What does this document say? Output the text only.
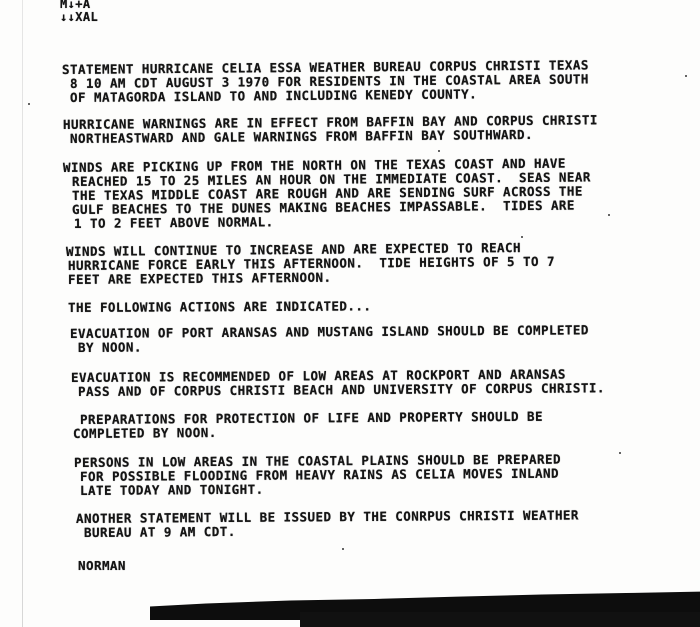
M↓+A
↓↓XAL
STATEMENT HURRICANE CELIA ESSA WEATHER BUREAU CORPUS CHRISTI TEXAS
8 10 AM CDT AUGUST 3 1970 FOR RESIDENTS IN THE COASTAL AREA SOUTH
OF MATAGORDA ISLAND TO AND INCLUDING KENEDY COUNTY.
HURRICANE WARNINGS ARE IN EFFECT FROM BAFFIN BAY AND CORPUS CHRISTI
NORTHEASTWARD AND GALE WARNINGS FROM BAFFIN BAY SOUTHWARD.
WINDS ARE PICKING UP FROM THE NORTH ON THE TEXAS COAST AND HAVE
REACHED 15 TO 25 MILES AN HOUR ON THE IMMEDIATE COAST.  SEAS NEAR
THE TEXAS MIDDLE COAST ARE ROUGH AND ARE SENDING SURF ACROSS THE
GULF BEACHES TO THE DUNES MAKING BEACHES IMPASSABLE.  TIDES ARE
1 TO 2 FEET ABOVE NORMAL.
WINDS WILL CONTINUE TO INCREASE AND ARE EXPECTED TO REACH
HURRICANE FORCE EARLY THIS AFTERNOON.  TIDE HEIGHTS OF 5 TO 7
FEET ARE EXPECTED THIS AFTERNOON.
THE FOLLOWING ACTIONS ARE INDICATED...
EVACUATION OF PORT ARANSAS AND MUSTANG ISLAND SHOULD BE COMPLETED
BY NOON.
EVACUATION IS RECOMMENDED OF LOW AREAS AT ROCKPORT AND ARANSAS
PASS AND OF CORPUS CHRISTI BEACH AND UNIVERSITY OF CORPUS CHRISTI.
PREPARATIONS FOR PROTECTION OF LIFE AND PROPERTY SHOULD BE
COMPLETED BY NOON.
PERSONS IN LOW AREAS IN THE COASTAL PLAINS SHOULD BE PREPARED
FOR POSSIBLE FLOODING FROM HEAVY RAINS AS CELIA MOVES INLAND
LATE TODAY AND TONIGHT.
ANOTHER STATEMENT WILL BE ISSUED BY THE CONRPUS CHRISTI WEATHER
BUREAU AT 9 AM CDT.
NORMAN
